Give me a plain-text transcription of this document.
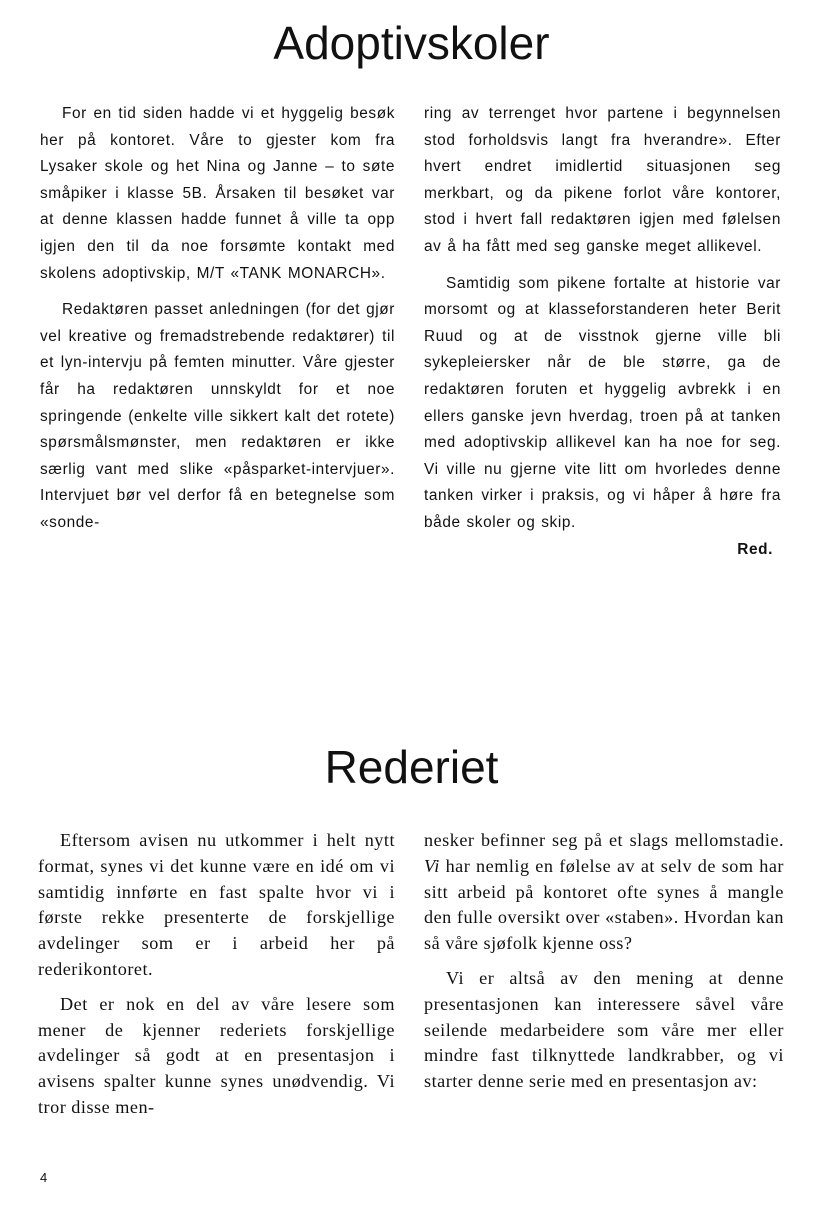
Adoptivskoler

For en tid siden hadde vi et hyggelig besøk her på kontoret. Våre to gjester kom fra Lysaker skole og het Nina og Janne – to søte småpiker i klasse 5B. Årsaken til besøket var at denne klassen hadde funnet å ville ta opp igjen den til da noe forsømte kontakt med skolens adoptivskip, M/T «TANK MONARCH».

Redaktøren passet anledningen (for det gjør vel kreative og fremadstrebende redaktører) til et lyn-intervju på femten minutter. Våre gjester får ha redaktøren unnskyldt for et noe springende (enkelte ville sikkert kalt det rotete) spørsmålsmønster, men redaktøren er ikke særlig vant med slike «påsparket-intervjuer». Intervjuet bør vel derfor få en betegnelse som «sonde-

ring av terrenget hvor partene i begynnelsen stod forholdsvis langt fra hverandre». Efter hvert endret imidlertid situasjonen seg merkbart, og da pikene forlot våre kontorer, stod i hvert fall redaktøren igjen med følelsen av å ha fått med seg ganske meget allikevel.

Samtidig som pikene fortalte at historie var morsomt og at klasseforstanderen heter Berit Ruud og at de visstnok gjerne ville bli sykepleiersker når de ble større, ga de redaktøren foruten et hyggelig avbrekk i en ellers ganske jevn hverdag, troen på at tanken med adoptivskip allikevel kan ha noe for seg. Vi ville nu gjerne vite litt om hvorledes denne tanken virker i praksis, og vi håper å høre fra både skoler og skip.

Red.

Rederiet

Eftersom avisen nu utkommer i helt nytt format, synes vi det kunne være en idé om vi samtidig innførte en fast spalte hvor vi i første rekke presenterte de forskjellige avdelinger som er i arbeid her på rederikontoret.

Det er nok en del av våre lesere som mener de kjenner rederiets forskjellige avdelinger så godt at en presentasjon i avisens spalter kunne synes unødvendig. Vi tror disse men-

nesker befinner seg på et slags mellomstadie. Vi har nemlig en følelse av at selv de som har sitt arbeid på kontoret ofte synes å mangle den fulle oversikt over «staben». Hvordan kan så våre sjøfolk kjenne oss?

Vi er altså av den mening at denne presentasjonen kan interessere såvel våre seilende medarbeidere som våre mer eller mindre fast tilknyttede landkrabber, og vi starter denne serie med en presentasjon av:

4
